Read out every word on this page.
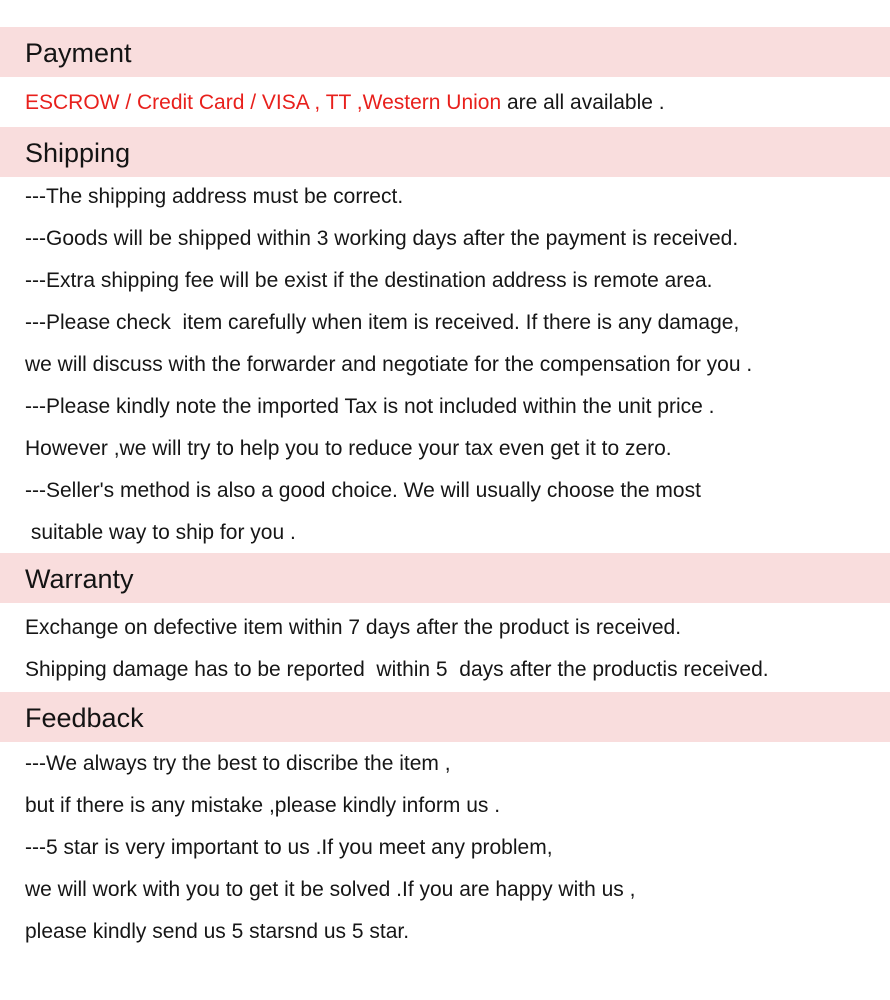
Payment
ESCROW / Credit Card / VISA , TT ,Western Union are all available .
Shipping
---The shipping address must be correct.
---Goods will be shipped within 3 working days after the payment is received.
---Extra shipping fee will be exist if the destination address is remote area.
---Please check  item carefully when item is received. If there is any damage,
we will discuss with the forwarder and negotiate for the compensation for you .
---Please kindly note the imported Tax is not included within the unit price .
However ,we will try to help you to reduce your tax even get it to zero.
---Seller's method is also a good choice. We will usually choose the most
suitable way to ship for you .
Warranty
Exchange on defective item within 7 days after the product is received.
Shipping damage has to be reported  within 5  days after the productis received.
Feedback
---We always try the best to discribe the item ,
but if there is any mistake ,please kindly inform us .
---5 star is very important to us .If you meet any problem,
we will work with you to get it be solved .If you are happy with us ,
please kindly send us 5 starsnd us 5 star.
